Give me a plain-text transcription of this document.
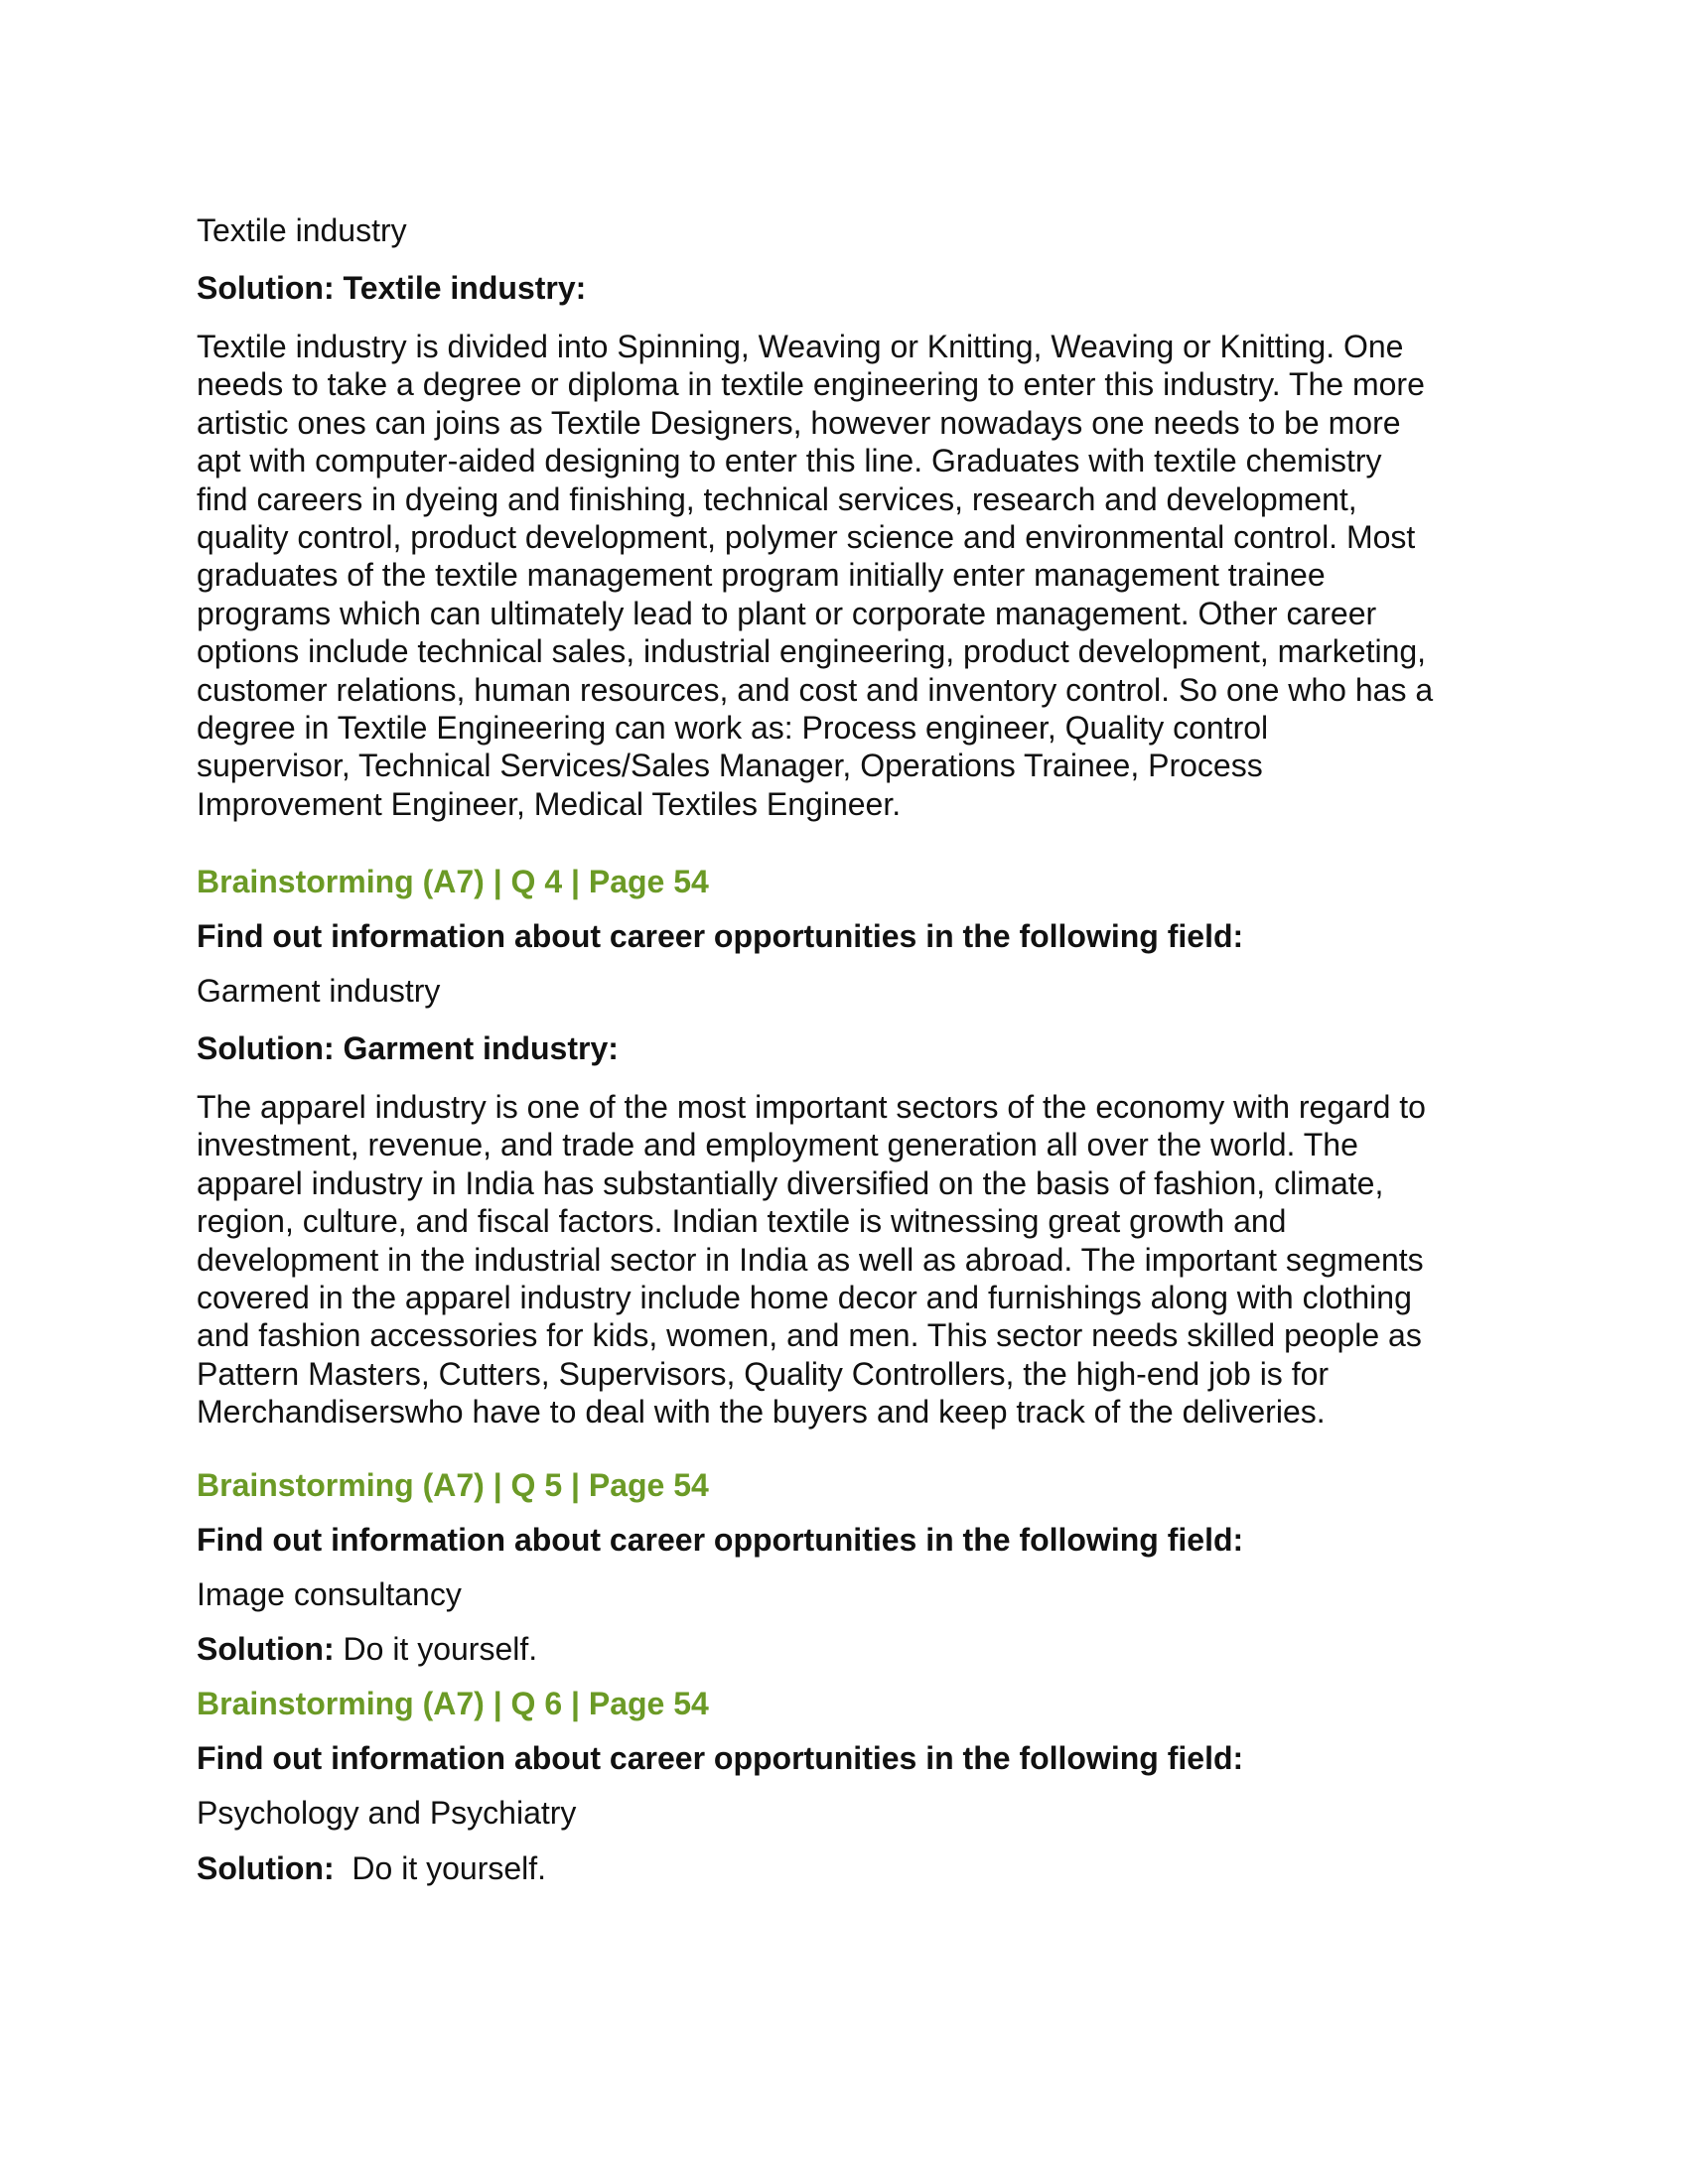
Textile industry

Solution: Textile industry:

Textile industry is divided into Spinning, Weaving or Knitting, Weaving or Knitting. One
needs to take a degree or diploma in textile engineering to enter this industry. The more
artistic ones can joins as Textile Designers, however nowadays one needs to be more
apt with computer-aided designing to enter this line. Graduates with textile chemistry
find careers in dyeing and finishing, technical services, research and development,
quality control, product development, polymer science and environmental control. Most
graduates of the textile management program initially enter management trainee
programs which can ultimately lead to plant or corporate management. Other career
options include technical sales, industrial engineering, product development, marketing,
customer relations, human resources, and cost and inventory control. So one who has a
degree in Textile Engineering can work as: Process engineer, Quality control
supervisor, Technical Services/Sales Manager, Operations Trainee, Process
Improvement Engineer, Medical Textiles Engineer.

Brainstorming (A7) | Q 4 | Page 54

Find out information about career opportunities in the following field:

Garment industry

Solution: Garment industry:

The apparel industry is one of the most important sectors of the economy with regard to
investment, revenue, and trade and employment generation all over the world. The
apparel industry in India has substantially diversified on the basis of fashion, climate,
region, culture, and fiscal factors. Indian textile is witnessing great growth and
development in the industrial sector in India as well as abroad. The important segments
covered in the apparel industry include home decor and furnishings along with clothing
and fashion accessories for kids, women, and men. This sector needs skilled people as
Pattern Masters, Cutters, Supervisors, Quality Controllers, the high-end job is for
Merchandiserswho have to deal with the buyers and keep track of the deliveries.

Brainstorming (A7) | Q 5 | Page 54

Find out information about career opportunities in the following field:

Image consultancy

Solution: Do it yourself.

Brainstorming (A7) | Q 6 | Page 54

Find out information about career opportunities in the following field:

Psychology and Psychiatry

Solution:  Do it yourself.
